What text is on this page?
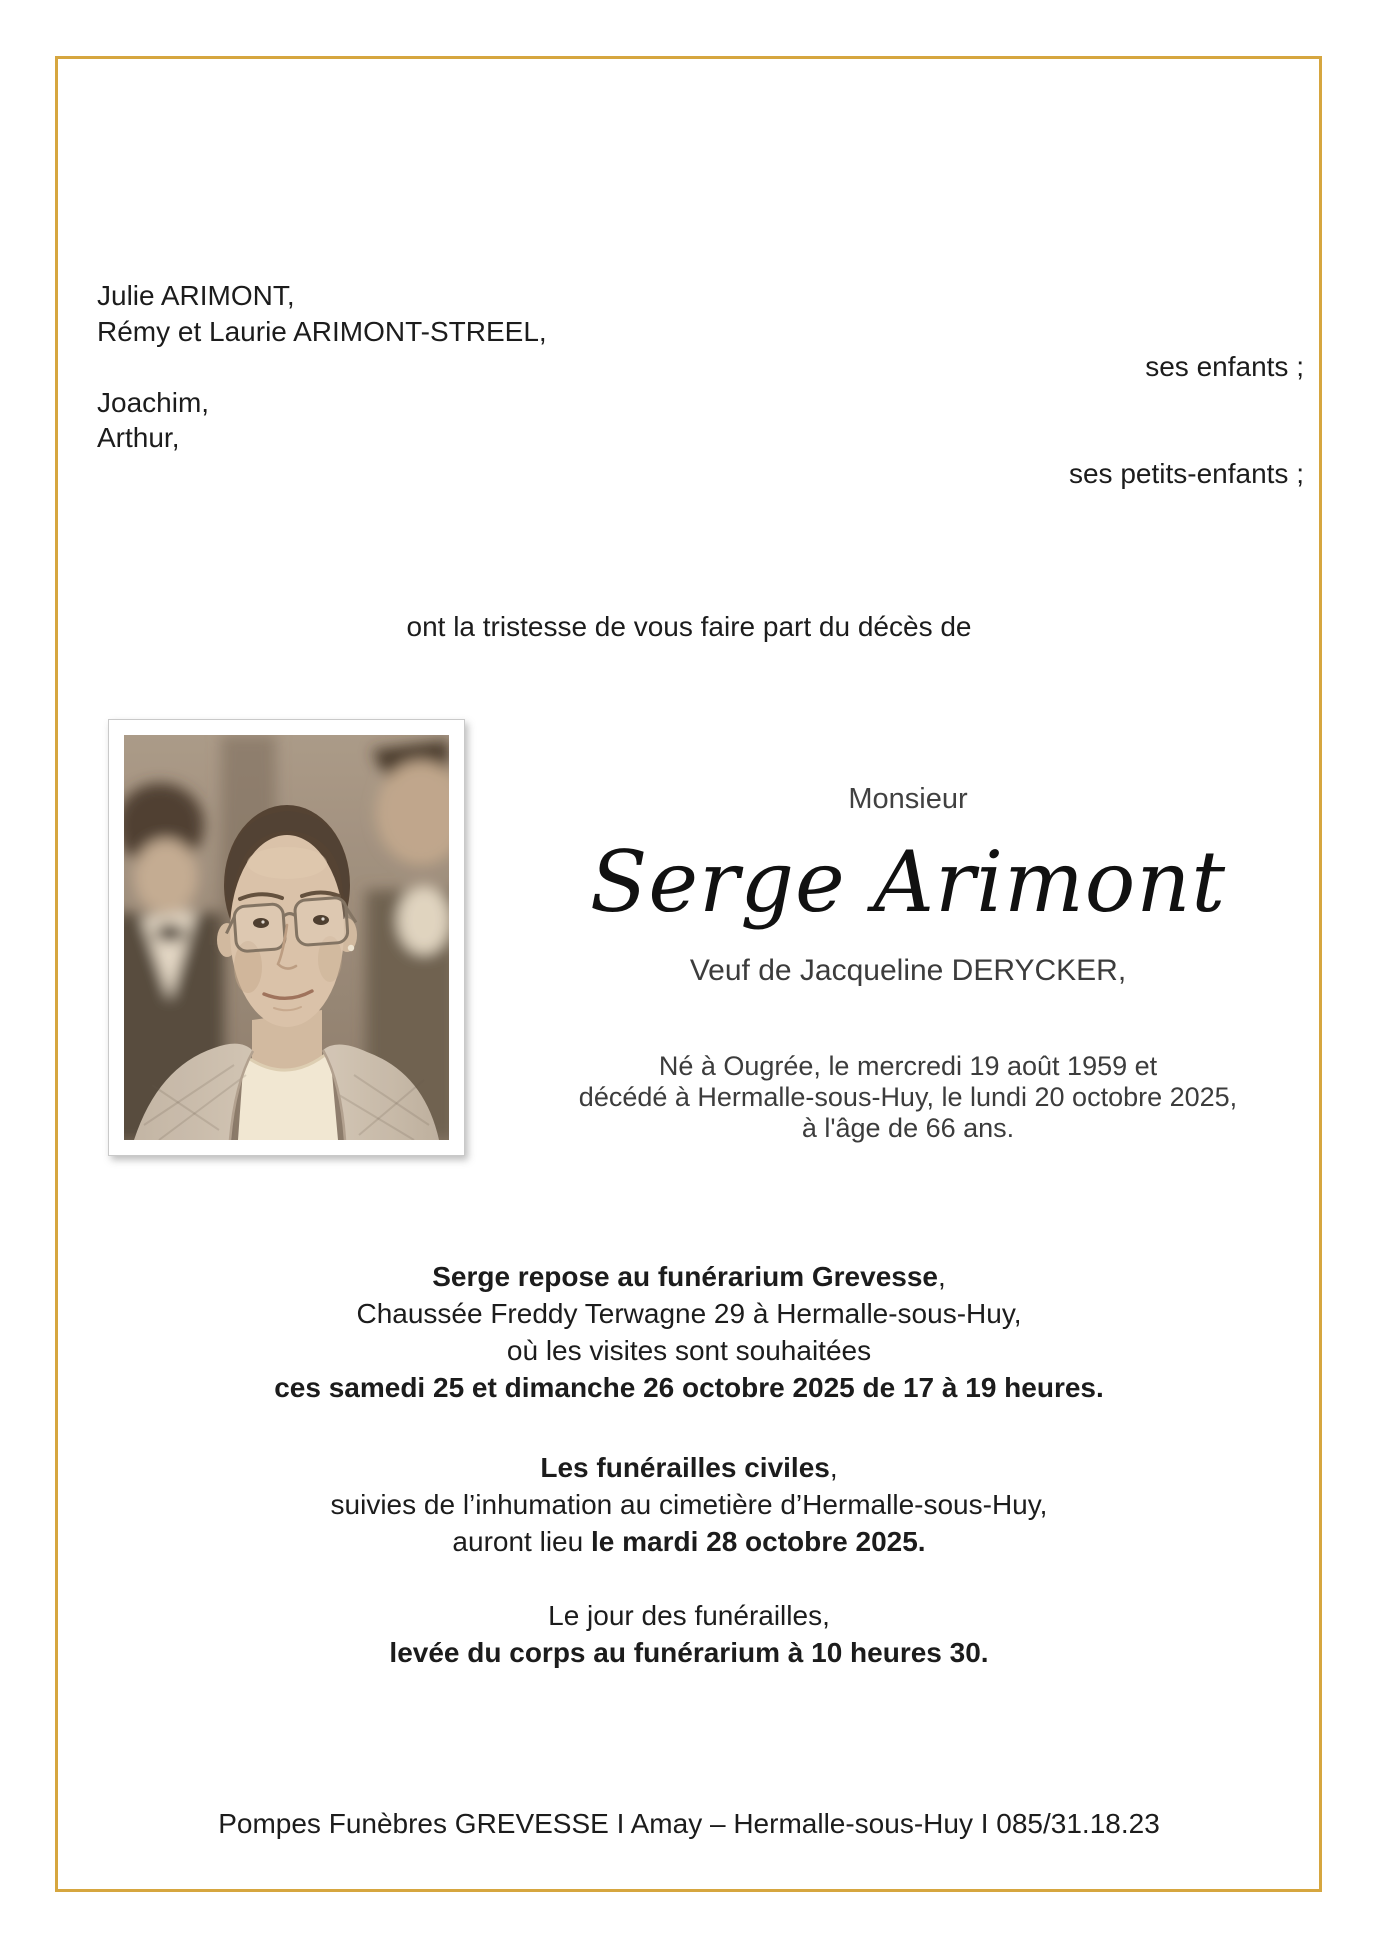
Julie ARIMONT,
Rémy et Laurie ARIMONT-STREEL,
ses enfants ;
Joachim,
Arthur,
ses petits-enfants ;
ont la tristesse de vous faire part du décès de
Monsieur
Serge Arimont
Veuf de Jacqueline DERYCKER,
Né à Ougrée, le mercredi 19 août 1959 et
décédé à Hermalle-sous-Huy, le lundi 20 octobre 2025,
à l'âge de 66 ans.
Serge repose au funérarium Grevesse,
Chaussée Freddy Terwagne 29 à Hermalle-sous-Huy,
où les visites sont souhaitées
ces samedi 25 et dimanche 26 octobre 2025 de 17 à 19 heures.
Les funérailles civiles,
suivies de l’inhumation au cimetière d’Hermalle-sous-Huy,
auront lieu le mardi 28 octobre 2025.
Le jour des funérailles,
levée du corps au funérarium à 10 heures 30.
Pompes Funèbres GREVESSE I Amay – Hermalle-sous-Huy I 085/31.18.23
